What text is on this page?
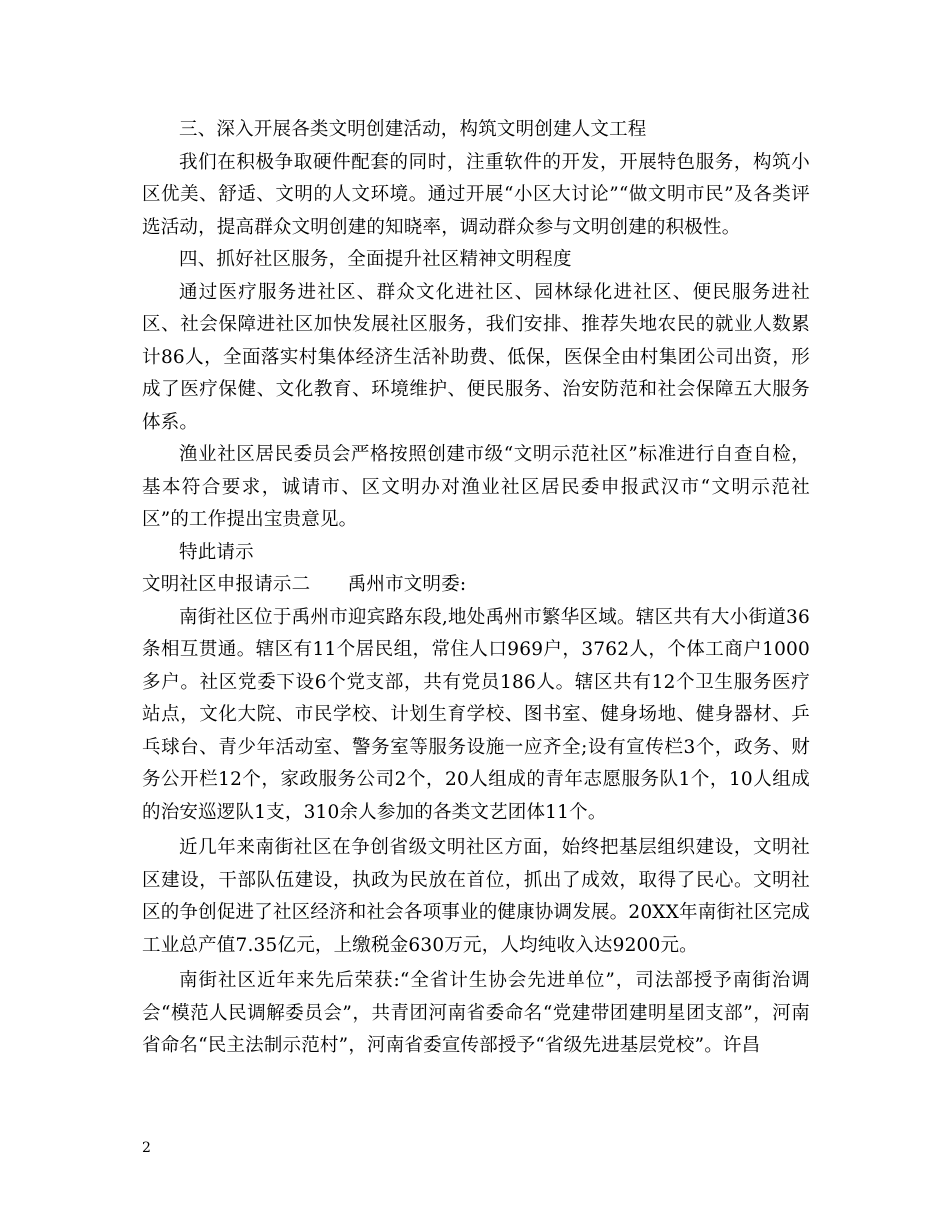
三、深入开展各类文明创建活动，构筑文明创建人文工程

我们在积极争取硬件配套的同时，注重软件的开发，开展特色服务，构筑小区优美、舒适、文明的人文环境。通过开展“小区大讨论”“做文明市民”及各类评选活动，提高群众文明创建的知晓率，调动群众参与文明创建的积极性。

四、抓好社区服务，全面提升社区精神文明程度

通过医疗服务进社区、群众文化进社区、园林绿化进社区、便民服务进社区、社会保障进社区加快发展社区服务，我们安排、推荐失地农民的就业人数累计86人，全面落实村集体经济生活补助费、低保，医保全由村集团公司出资，形成了医疗保健、文化教育、环境维护、便民服务、治安防范和社会保障五大服务体系。

渔业社区居民委员会严格按照创建市级“文明示范社区”标准进行自查自检，基本符合要求，诚请市、区文明办对渔业社区居民委申报武汉市“文明示范社区”的工作提出宝贵意见。

特此请示

文明社区申报请示二　　禹州市文明委:

南街社区位于禹州市迎宾路东段,地处禹州市繁华区域。辖区共有大小街道36条相互贯通。辖区有11个居民组，常住人口969户，3762人，个体工商户1000多户。社区党委下设6个党支部，共有党员186人。辖区共有12个卫生服务医疗站点，文化大院、市民学校、计划生育学校、图书室、健身场地、健身器材、乒乓球台、青少年活动室、警务室等服务设施一应齐全;设有宣传栏3个，政务、财务公开栏12个，家政服务公司2个，20人组成的青年志愿服务队1个，10人组成的治安巡逻队1支，310余人参加的各类文艺团体11个。

近几年来南街社区在争创省级文明社区方面，始终把基层组织建设，文明社区建设，干部队伍建设，执政为民放在首位，抓出了成效，取得了民心。文明社区的争创促进了社区经济和社会各项事业的健康协调发展。20XX年南街社区完成工业总产值7.35亿元，上缴税金630万元，人均纯收入达9200元。

南街社区近年来先后荣获:“全省计生协会先进单位”，司法部授予南街治调会“模范人民调解委员会”，共青团河南省委命名“党建带团建明星团支部”，河南省命名“民主法制示范村”，河南省委宣传部授予“省级先进基层党校”。许昌

2
